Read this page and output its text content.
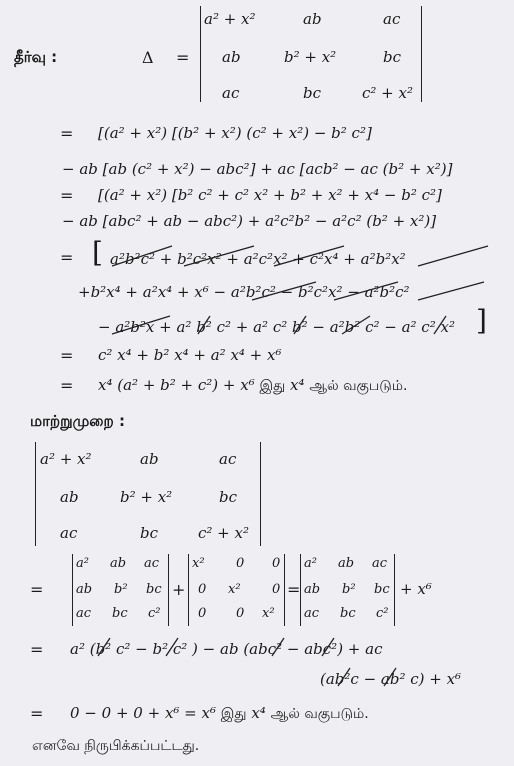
தீர்வு :	Δ =
a² + x²	ab	ac
ab	b² + x²	bc
ac	bc	c² + x²
= [(a² + x²) [(b² + x²) (c² + x²) − b² c²]
− ab [ab (c² + x²) − abc²] + ac [acb² − ac (b² + x²)]
= [(a² + x²) [b² c² + c² x² + b² + x² + x⁴ − b² c²]
− ab [abc² + ab − abc²) + a²c²b² − a²c² (b² + x²)]
= [ a²b²c² + b²c²x² + a²c²x² + c²x⁴ + a²b²x²
+b²x⁴ + a²x⁴ + x⁶ − a²b²c² − b²c²x² − a²b²c²
− a²b²x + a² b² c² + a² c² b² − a²b² c² − a² c² x² ]
= c² x⁴ + b² x⁴ + a² x⁴ + x⁶
= x⁴ (a² + b² + c²) + x⁶ இது x⁴ ஆல் வகுபடும்.
மாற்றுமுறை :
a² + x²	ab	ac
ab	b² + x²	bc
ac	bc	c² + x²
=
a² ab ac
ab b² bc
ac bc c²
+
x² 0 0
0 x² 0
0 0 x²
=
a² ab ac
ab b² bc
ac bc c²
+ x⁶
= a² (b² c² − b² c² ) − ab (abc² − abc²) + ac
(ab²c − ab² c) + x⁶
= 0 − 0 + 0 + x⁶ = x⁶ இது x⁴ ஆல் வகுபடும்.
எனவே நிருபிக்கப்பட்டது.
